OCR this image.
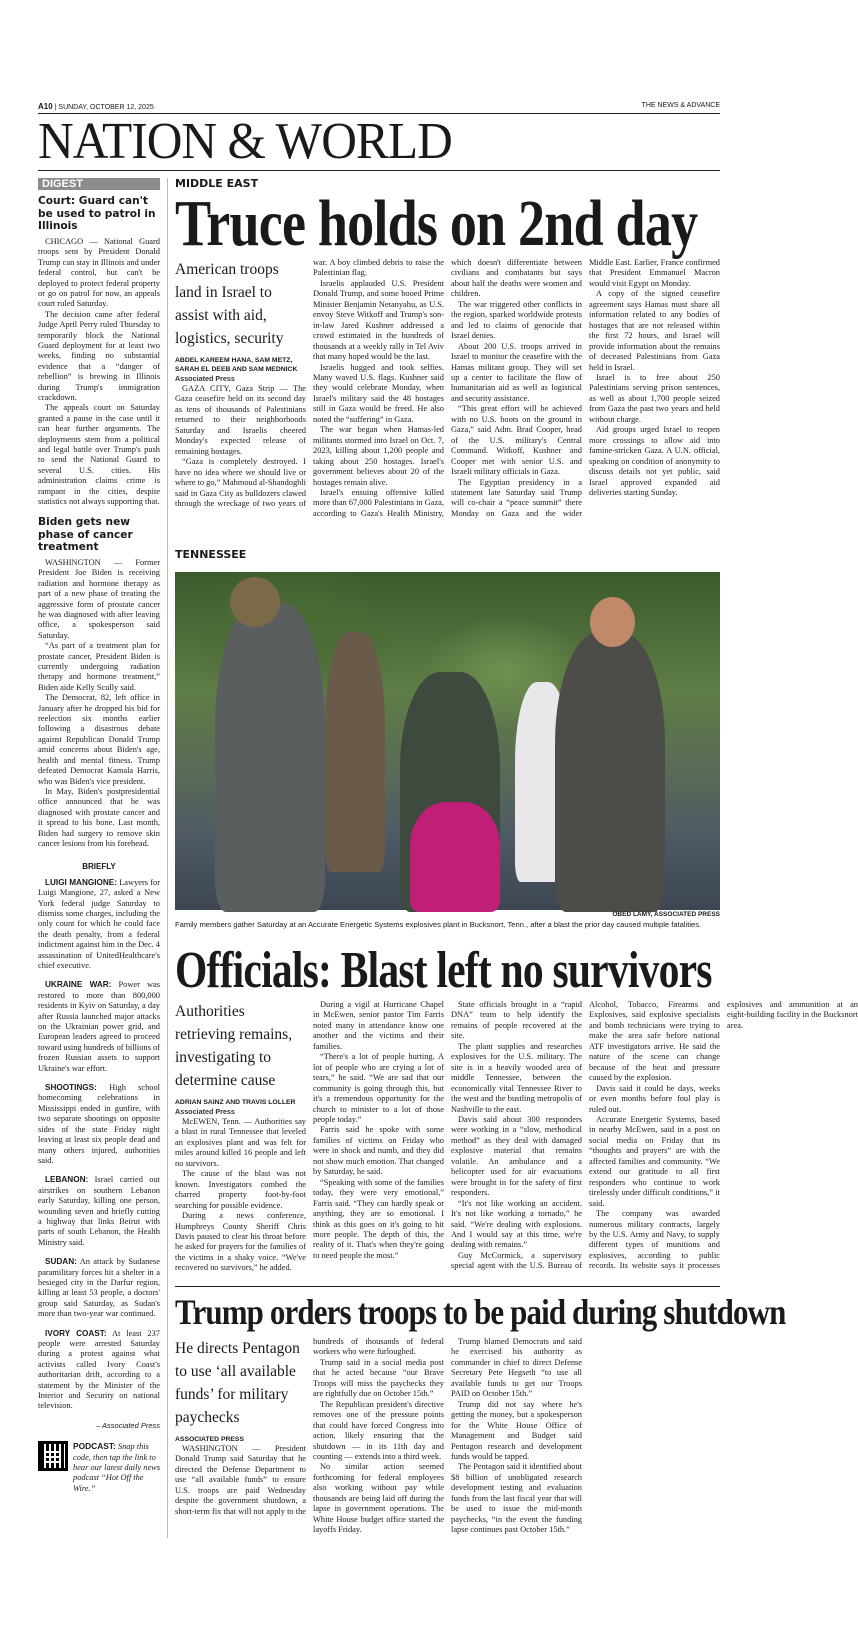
A10 | SUNDAY, OCTOBER 12, 2025	THE NEWS & ADVANCE
NATION & WORLD
DIGEST
Court: Guard can't be used to patrol in Illinois

CHICAGO — National Guard troops sent by President Donald Trump can stay in Illinois and under federal control, but can't be deployed to protect federal property or go on patrol for now, an appeals court ruled Saturday.

The decision came after federal Judge April Perry ruled Thursday to temporarily block the National Guard deployment for at least two weeks, finding no substantial evidence that a “danger of rebellion” is brewing in Illinois during Trump's immigration crackdown.

The appeals court on Saturday granted a pause in the case until it can hear further arguments. The deployments stem from a political and legal battle over Trump's push to send the National Guard to several U.S. cities. His administration claims crime is rampant in the cities, despite statistics not always supporting that.

Biden gets new phase of cancer treatment

WASHINGTON — Former President Joe Biden is receiving radiation and hormone therapy as part of a new phase of treating the aggressive form of prostate cancer he was diagnosed with after leaving office, a spokesperson said Saturday.

“As part of a treatment plan for prostate cancer, President Biden is currently undergoing radiation therapy and hormone treatment,” Biden aide Kelly Scully said.

The Democrat, 82, left office in January after he dropped his bid for reelection six months earlier following a disastrous debate against Republican Donald Trump amid concerns about Biden's age, health and mental fitness. Trump defeated Democrat Kamala Harris, who was Biden's vice president.

In May, Biden's postpresidential office announced that he was diagnosed with prostate cancer and it spread to his bone. Last month, Biden had surgery to remove skin cancer lesions from his forehead.

BRIEFLY

LUIGI MANGIONE: Lawyers for Luigi Mangione, 27, asked a New York federal judge Saturday to dismiss some charges, including the only count for which he could face the death penalty, from a federal indictment against him in the Dec. 4 assassination of UnitedHealthcare's chief executive.

UKRAINE WAR: Power was restored to more than 800,000 residents in Kyiv on Saturday, a day after Russia launched major attacks on the Ukrainian power grid, and European leaders agreed to proceed toward using hundreds of billions of frozen Russian assets to support Ukraine's war effort.

SHOOTINGS: High school homecoming celebrations in Mississippi ended in gunfire, with two separate shootings on opposite sides of the state Friday night leaving at least six people dead and many others injured, authorities said.

LEBANON: Israel carried out airstrikes on southern Lebanon early Saturday, killing one person, wounding seven and briefly cutting a highway that links Beirut with parts of south Lebanon, the Health Ministry said.

SUDAN: An attack by Sudanese paramilitary forces hit a shelter in a besieged city in the Darfur region, killing at least 53 people, a doctors' group said Saturday, as Sudan's more than two-year war continued.

IVORY COAST: At least 237 people were arrested Saturday during a protest against what activists called Ivory Coast's authoritarian drift, according to a statement by the Minister of the Interior and Security on national television.

– Associated Press
PODCAST: Snap this code, then tap the link to hear our latest daily news podcast “Hot Off the Wire.”
MIDDLE EAST
Truce holds on 2nd day
American troops land in Israel to assist with aid, logistics, security
ABDEL KAREEM HANA, SAM METZ, SARAH EL DEEB AND SAM MEDNICK
Associated Press

GAZA CITY, Gaza Strip — The Gaza ceasefire held on its second day as tens of thousands of Palestinians returned to their neighborhoods Saturday and Israelis cheered Monday's expected release of remaining hostages.

“Gaza is completely destroyed. I have no idea where we should live or where to go,” Mahmoud al-Shandoghli said in Gaza City as bulldozers clawed through the wreckage of two years of war. A boy climbed debris to raise the Palestinian flag.

Israelis applauded U.S. President Donald Trump, and some booed Prime Minister Benjamin Netanyahu, as U.S. envoy Steve Witkoff and Trump's son-in-law Jared Kushner addressed a crowd estimated in the hundreds of thousands at a weekly rally in Tel Aviv that many hoped would be the last.

Israelis hugged and took selfies. Many waved U.S. flags. Kushner said they would celebrate Monday, when Israel's military said the 48 hostages still in Gaza would be freed. He also noted the “suffering” in Gaza.

The war began when Hamas-led militants stormed into Israel on Oct. 7, 2023, killing about 1,200 people and taking about 250 hostages. Israel's government believes about 20 of the hostages remain alive.

Israel's ensuing offensive killed more than 67,000 Palestinians in Gaza, according to Gaza's Health Ministry, which doesn't differentiate between civilians and combatants but says about half the deaths were women and children.

The war triggered other conflicts in the region, sparked worldwide protests and led to claims of genocide that Israel denies.

About 200 U.S. troops arrived in Israel to monitor the ceasefire with the Hamas militant group. They will set up a center to facilitate the flow of humanitarian aid as well as logistical and security assistance.

“This great effort will be achieved with no U.S. boots on the ground in Gaza,” said Adm. Brad Cooper, head of the U.S. military's Central Command. Witkoff, Kushner and Cooper met with senior U.S. and Israeli military officials in Gaza.

The Egyptian presidency in a statement late Saturday said Trump will co-chair a “peace summit” there Monday on Gaza and the wider Middle East. Earlier, France confirmed that President Emmanuel Macron would visit Egypt on Monday.

A copy of the signed ceasefire agreement says Hamas must share all information related to any bodies of hostages that are not released within the first 72 hours, and Israel will provide information about the remains of deceased Palestinians from Gaza held in Israel.

Israel is to free about 250 Palestinians serving prison sentences, as well as about 1,700 people seized from Gaza the past two years and held without charge.

Aid groups urged Israel to reopen more crossings to allow aid into famine-stricken Gaza. A U.N. official, speaking on condition of anonymity to discuss details not yet public, said Israel approved expanded aid deliveries starting Sunday.

TENNESSEE
OBED LAMY, ASSOCIATED PRESS
Family members gather Saturday at an Accurate Energetic Systems explosives plant in Bucksnort, Tenn., after a blast the prior day caused multiple fatalities.
Officials: Blast left no survivors
Authorities retrieving remains, investigating to determine cause
ADRIAN SAINZ AND TRAVIS LOLLER
Associated Press

McEWEN, Tenn. — Authorities say a blast in rural Tennessee that leveled an explosives plant and was felt for miles around killed 16 people and left no survivors.

The cause of the blast was not known. Investigators combed the charred property foot-by-foot searching for possible evidence.

During a news conference, Humphreys County Sheriff Chris Davis paused to clear his throat before he asked for prayers for the families of the victims in a shaky voice. “We've recovered no survivors,” he added.

During a vigil at Hurricane Chapel in McEwen, senior pastor Tim Farris noted many in attendance know one another and the victims and their families.

“There's a lot of people hurting. A lot of people who are crying a lot of tears,” he said. “We are sad that our community is going through this, but it's a tremendous opportunity for the church to minister to a lot of those people today.”

Farris said he spoke with some families of victims on Friday who were in shock and numb, and they did not show much emotion. That changed by Saturday, he said.

“Speaking with some of the families today, they were very emotional,” Farris said. “They can hardly speak or anything, they are so emotional. I think as this goes on it's going to hit more people. The depth of this, the reality of it. That's when they're going to need people the most.”

State officials brought in a “rapid DNA” team to help identify the remains of people recovered at the site.

The plant supplies and researches explosives for the U.S. military. The site is in a heavily wooded area of middle Tennessee, between the economically vital Tennessee River to the west and the bustling metropolis of Nashville to the east.

Davis said about 300 responders were working in a “slow, methodical method” as they deal with damaged explosive material that remains volatile. An ambulance and a helicopter used for air evacuations were brought in for the safety of first responders.

“It's not like working an accident. It's not like working a tornado,” he said. “We're dealing with explosions. And I would say at this time, we're dealing with remains.”

Guy McCormick, a supervisory special agent with the U.S. Bureau of Alcohol, Tobacco, Firearms and Explosives, said explosive specialists and bomb technicians were trying to make the area safe before national ATF investigators arrive. He said the nature of the scene can change because of the heat and pressure caused by the explosion.

Davis said it could be days, weeks or even months before foul play is ruled out.

Accurate Energetic Systems, based in nearby McEwen, said in a post on social media on Friday that its “thoughts and prayers” are with the affected families and community. “We extend our gratitude to all first responders who continue to work tirelessly under difficult conditions,” it said.

The company was awarded numerous military contracts, largely by the U.S. Army and Navy, to supply different types of munitions and explosives, according to public records. Its website says it processes explosives and ammunition at an eight-building facility in the Bucksnort area.

Trump orders troops to be paid during shutdown
He directs Pentagon to use ‘all available funds’ for military paychecks
ASSOCIATED PRESS

WASHINGTON — President Donald Trump said Saturday that he directed the Defense Department to use “all available funds” to ensure U.S. troops are paid Wednesday despite the government shutdown, a short-term fix that will not apply to the hundreds of thousands of federal workers who were furloughed.

Trump said in a social media post that he acted because “our Brave Troops will miss the paychecks they are rightfully due on October 15th.”

The Republican president's directive removes one of the pressure points that could have forced Congress into action, likely ensuring that the shutdown — in its 11th day and counting — extends into a third week.

No similar action seemed forthcoming for federal employees also working without pay while thousands are being laid off during the lapse in government operations. The White House budget office started the layoffs Friday.

Trump blamed Democrats and said he exercised his authority as commander in chief to direct Defense Secretary Pete Hegseth “to use all available funds to get our Troops PAID on October 15th.”

Trump did not say where he's getting the money, but a spokesperson for the White House Office of Management and Budget said Pentagon research and development funds would be tapped.

The Pentagon said it identified about $8 billion of unobligated research development testing and evaluation funds from the last fiscal year that will be used to issue the mid-month paychecks, “in the event the funding lapse continues past October 15th.”
